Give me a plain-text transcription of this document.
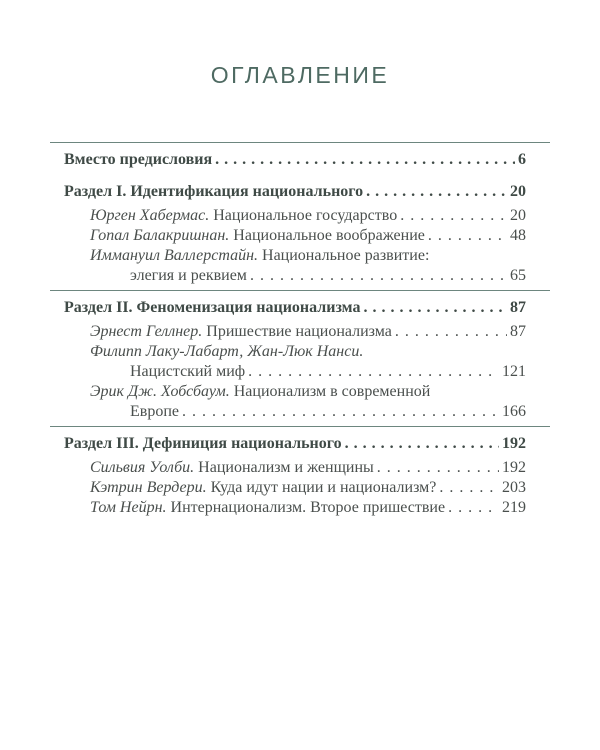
ОГЛАВЛЕНИЕ
Вместо предисловия . . .	6
Раздел I. Идентификация национального . . .	20
Юрген Хабермас. Национальное государство . . .	20
Гопал Балакришнан. Национальное воображение . . .	48
Иммануил Валлерстайн. Национальное развитие:
элегия и реквием . . .	65
Раздел II. Феноменизация национализма . . .	87
Эрнест Геллнер. Пришествие национализма . . .	87
Филипп Лаку-Лабарт, Жан-Люк Нанси.
Нацистский миф . . .	121
Эрик Дж. Хобсбаум. Национализм в современной
Европе . . .	166
Раздел III. Дефиниция национального . . .	192
Сильвия Уолби. Национализм и женщины . . .	192
Кэтрин Вердери. Куда идут нации и национализм? . . .	203
Том Нейрн. Интернационализм. Второе пришествие . . .	219
